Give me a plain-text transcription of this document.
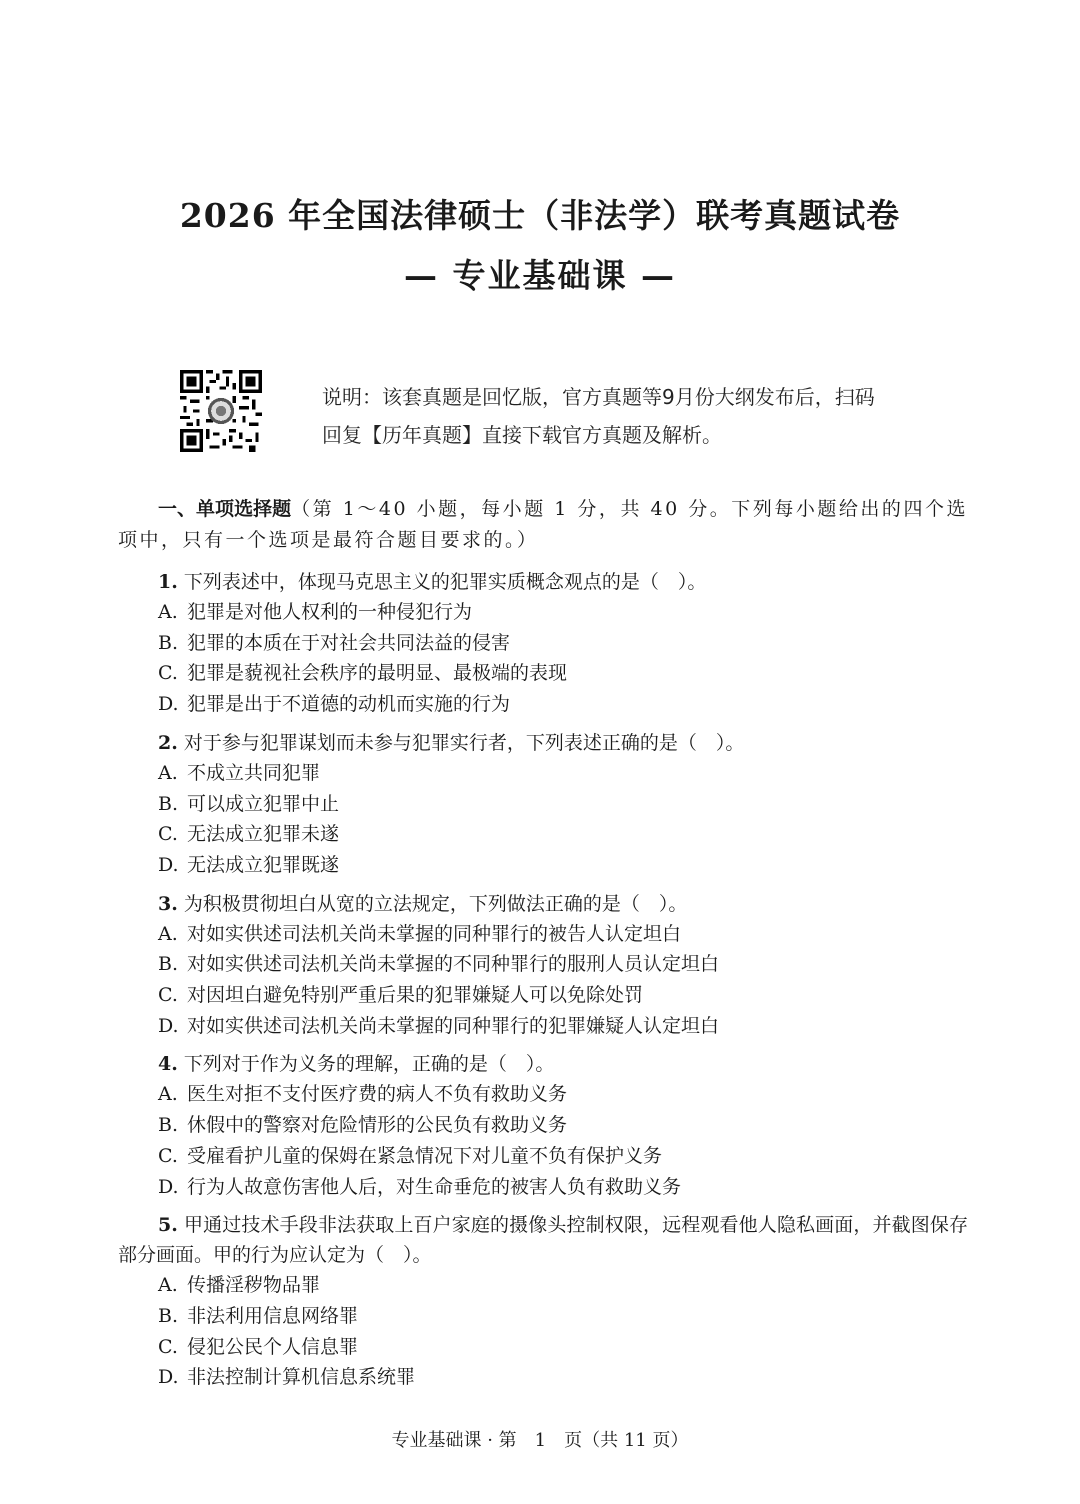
2026 年全国法律硕士（非法学）联考真题试卷
— 专业基础课 —
说明：该套真题是回忆版，官方真题等9月份大纲发布后，扫码
回复【历年真题】直接下载官方真题及解析。
一、单项选择题（第 1～40 小题，每小题 1 分，共 40 分。下列每小题给出的四个选项中，只有一个选项是最符合题目要求的。）
1. 下列表述中，体现马克思主义的犯罪实质概念观点的是（　）。
A. 犯罪是对他人权利的一种侵犯行为
B. 犯罪的本质在于对社会共同法益的侵害
C. 犯罪是藐视社会秩序的最明显、最极端的表现
D. 犯罪是出于不道德的动机而实施的行为
2. 对于参与犯罪谋划而未参与犯罪实行者，下列表述正确的是（　）。
A. 不成立共同犯罪
B. 可以成立犯罪中止
C. 无法成立犯罪未遂
D. 无法成立犯罪既遂
3. 为积极贯彻坦白从宽的立法规定，下列做法正确的是（　）。
A. 对如实供述司法机关尚未掌握的同种罪行的被告人认定坦白
B. 对如实供述司法机关尚未掌握的不同种罪行的服刑人员认定坦白
C. 对因坦白避免特别严重后果的犯罪嫌疑人可以免除处罚
D. 对如实供述司法机关尚未掌握的同种罪行的犯罪嫌疑人认定坦白
4. 下列对于作为义务的理解，正确的是（　）。
A. 医生对拒不支付医疗费的病人不负有救助义务
B. 休假中的警察对危险情形的公民负有救助义务
C. 受雇看护儿童的保姆在紧急情况下对儿童不负有保护义务
D. 行为人故意伤害他人后，对生命垂危的被害人负有救助义务
5. 甲通过技术手段非法获取上百户家庭的摄像头控制权限，远程观看他人隐私画面，并截图保存部分画面。甲的行为应认定为（　）。
A. 传播淫秽物品罪
B. 非法利用信息网络罪
C. 侵犯公民个人信息罪
D. 非法控制计算机信息系统罪
专业基础课 · 第　1　页（共 11 页）
